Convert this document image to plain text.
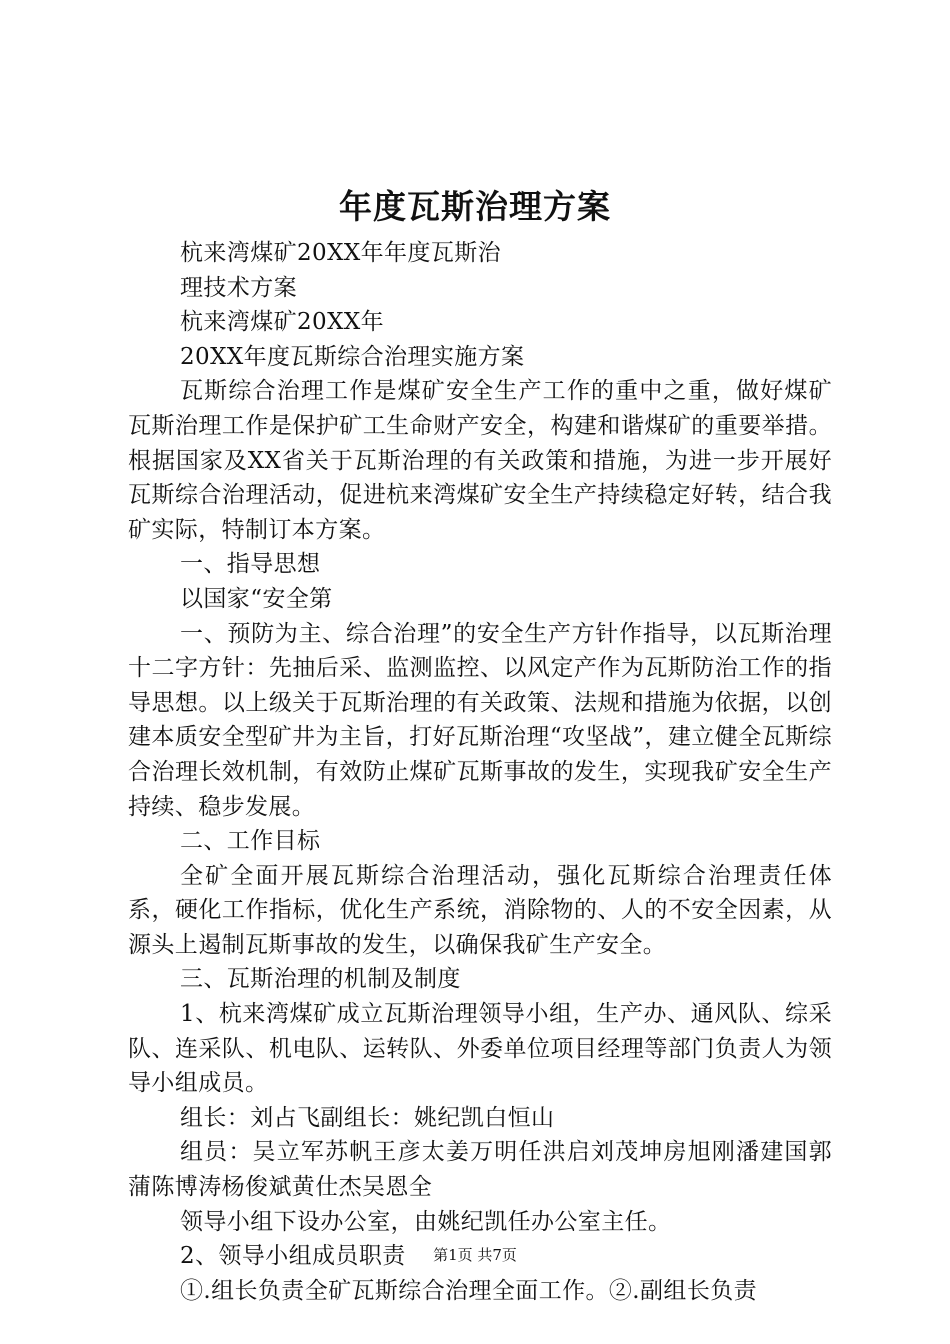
年度瓦斯治理方案

杭来湾煤矿20XX年年度瓦斯治

理技术方案

杭来湾煤矿20XX年

20XX年度瓦斯综合治理实施方案

瓦斯综合治理工作是煤矿安全生产工作的重中之重，做好煤矿瓦斯治理工作是保护矿工生命财产安全，构建和谐煤矿的重要举措。根据国家及XX省关于瓦斯治理的有关政策和措施，为进一步开展好瓦斯综合治理活动，促进杭来湾煤矿安全生产持续稳定好转，结合我矿实际，特制订本方案。

一、指导思想

以国家“安全第

一、预防为主、综合治理”的安全生产方针作指导，以瓦斯治理十二字方针：先抽后采、监测监控、以风定产作为瓦斯防治工作的指导思想。以上级关于瓦斯治理的有关政策、法规和措施为依据，以创建本质安全型矿井为主旨，打好瓦斯治理“攻坚战”，建立健全瓦斯综合治理长效机制，有效防止煤矿瓦斯事故的发生，实现我矿安全生产持续、稳步发展。

二、工作目标

全矿全面开展瓦斯综合治理活动，强化瓦斯综合治理责任体系，硬化工作指标，优化生产系统，消除物的、人的不安全因素，从源头上遏制瓦斯事故的发生，以确保我矿生产安全。

三、瓦斯治理的机制及制度

1、杭来湾煤矿成立瓦斯治理领导小组，生产办、通风队、综采队、连采队、机电队、运转队、外委单位项目经理等部门负责人为领导小组成员。

组长：刘占飞副组长：姚纪凯白恒山

组员：吴立军苏帆王彦太姜万明任洪启刘茂坤房旭刚潘建国郭蒲陈博涛杨俊斌黄仕杰吴恩全

领导小组下设办公室，由姚纪凯任办公室主任。

2、领导小组成员职责

①.组长负责全矿瓦斯综合治理全面工作。②.副组长负责

第1页 共7页
